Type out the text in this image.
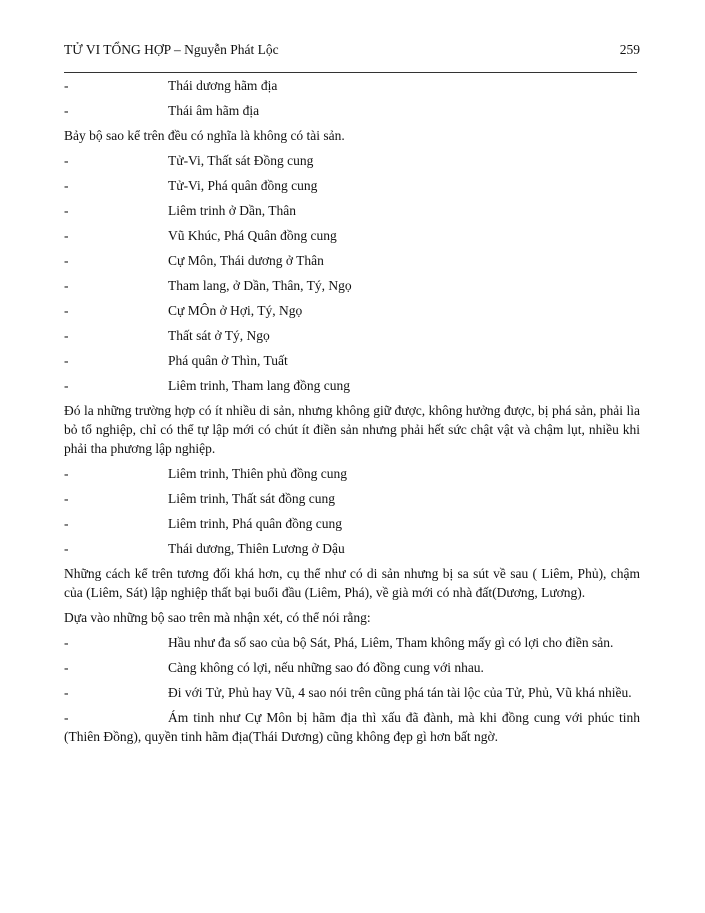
TỬ VI TỔNG HỢP – Nguyễn Phát Lộc	259
-	Thái dương hãm địa
-	Thái âm hãm địa
Bảy bộ sao kể trên đều có nghĩa là không có tài sản.
-	Tử-Vi, Thất sát Đồng cung
-	Tử-Vi, Phá quân đồng cung
-	Liêm trinh ở Dần, Thân
-	Vũ Khúc, Phá Quân đồng cung
-	Cự Môn, Thái dương ở Thân
-	Tham lang, ở Dần, Thân, Tý, Ngọ
-	Cự MÔn ở Hợi, Tý, Ngọ
-	Thất sát ở Tý, Ngọ
-	Phá quân ở Thìn, Tuất
-	Liêm trinh, Tham lang đồng cung
Đó la những trường hợp có ít nhiều di sản, nhưng không giữ được, không hưởng được, bị phá sản, phải lìa bỏ tổ nghiệp, chỉ có thể tự lập mới có chút ít điền sản nhưng phải hết sức chật vật và chậm lụt, nhiều khi phải tha phương lập nghiệp.
-	Liêm trinh, Thiên phủ đồng cung
-	Liêm trinh, Thất sát đồng cung
-	Liêm trinh, Phá quân đồng cung
-	Thái dương, Thiên Lương ở Dậu
Những cách kể trên tương đối khá hơn, cụ thể như có di sản nhưng bị sa sút về sau ( Liêm, Phủ), chậm của (Liêm, Sát) lập nghiệp thất bại buổi đầu (Liêm, Phá), về già mới có nhà đất(Dương, Lương).
Dựa vào những bộ sao trên mà nhận xét, có thể nói rằng:
-	Hầu như đa số sao của bộ Sát, Phá, Liêm, Tham không mấy gì có lợi cho điền sản.
-	Càng không có lợi, nếu những sao đó đồng cung với nhau.
-	Đi với Tử, Phủ hay Vũ, 4 sao nói trên cũng phá tán tài lộc của Tử, Phủ, Vũ khá nhiều.
-	Ám tinh như Cự Môn bị hãm địa thì xấu đã đành, mà khi đồng cung với phúc tinh (Thiên Đồng), quyền tinh hãm địa(Thái Dương) cũng không đẹp gì hơn bất ngờ.
